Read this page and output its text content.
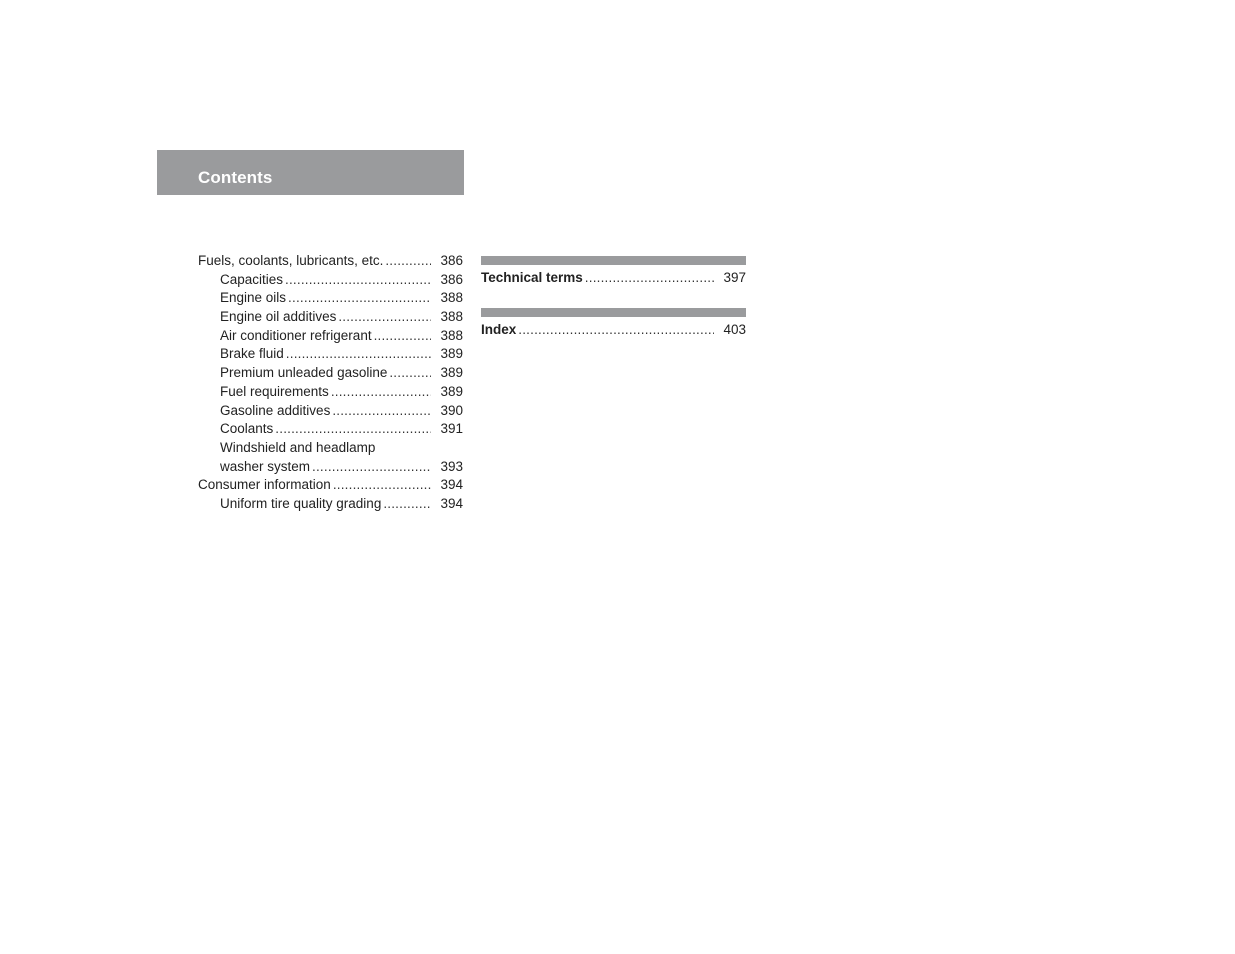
Contents
Fuels, coolants, lubricants, etc. .....	386
Capacities .....	386
Engine oils .....	388
Engine oil additives .....	388
Air conditioner refrigerant .....	388
Brake fluid .....	389
Premium unleaded gasoline .....	389
Fuel requirements .....	389
Gasoline additives .....	390
Coolants .....	391
Windshield and headlamp
washer system .....	393
Consumer information .....	394
Uniform tire quality grading .....	394
Technical terms .....	397
Index .....	403
